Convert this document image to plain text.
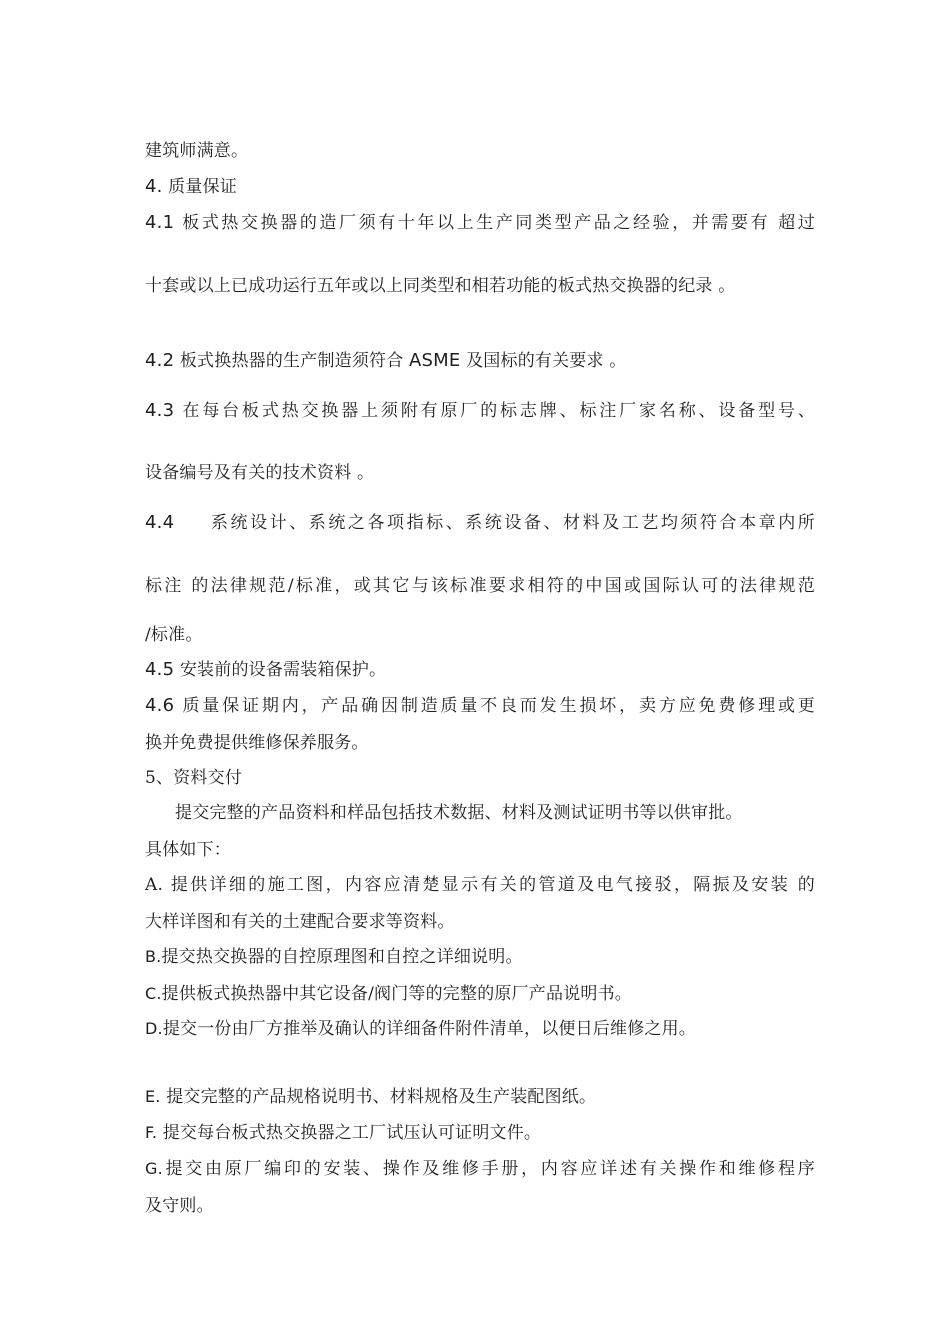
建筑师满意。
4. 质量保证
4.1 板式热交换器的造厂须有十年以上生产同类型产品之经验，并需要有 超过
十套或以上已成功运行五年或以上同类型和相若功能的板式热交换器的纪录 。
4.2 板式换热器的生产制造须符合 ASME 及国标的有关要求 。
4.3 在每台板式热交换器上须附有原厂的标志牌、标注厂家名称、设备型号、
设备编号及有关的技术资料 。
4.4 系统设计、系统之各项指标、系统设备、材料及工艺均须符合本章内所
标注 的法律规范/标准，或其它与该标准要求相符的中国或国际认可的法律规范
/标准。
4.5 安装前的设备需装箱保护。
4.6 质量保证期内，产品确因制造质量不良而发生损坏，卖方应免费修理或更
换并免费提供维修保养服务。
5、资料交付
提交完整的产品资料和样品包括技术数据、材料及测试证明书等以供审批。
具体如下：
A. 提供详细的施工图，内容应清楚显示有关的管道及电气接驳，隔振及安装 的
大样详图和有关的土建配合要求等资料。
B.提交热交换器的自控原理图和自控之详细说明。
C.提供板式换热器中其它设备/阀门等的完整的原厂产品说明书。
D.提交一份由厂方推举及确认的详细备件附件清单，以便日后维修之用。
E. 提交完整的产品规格说明书、材料规格及生产装配图纸。
F. 提交每台板式热交换器之工厂试压认可证明文件。
G.提交由原厂编印的安装、操作及维修手册，内容应详述有关操作和维修程序
及守则。
